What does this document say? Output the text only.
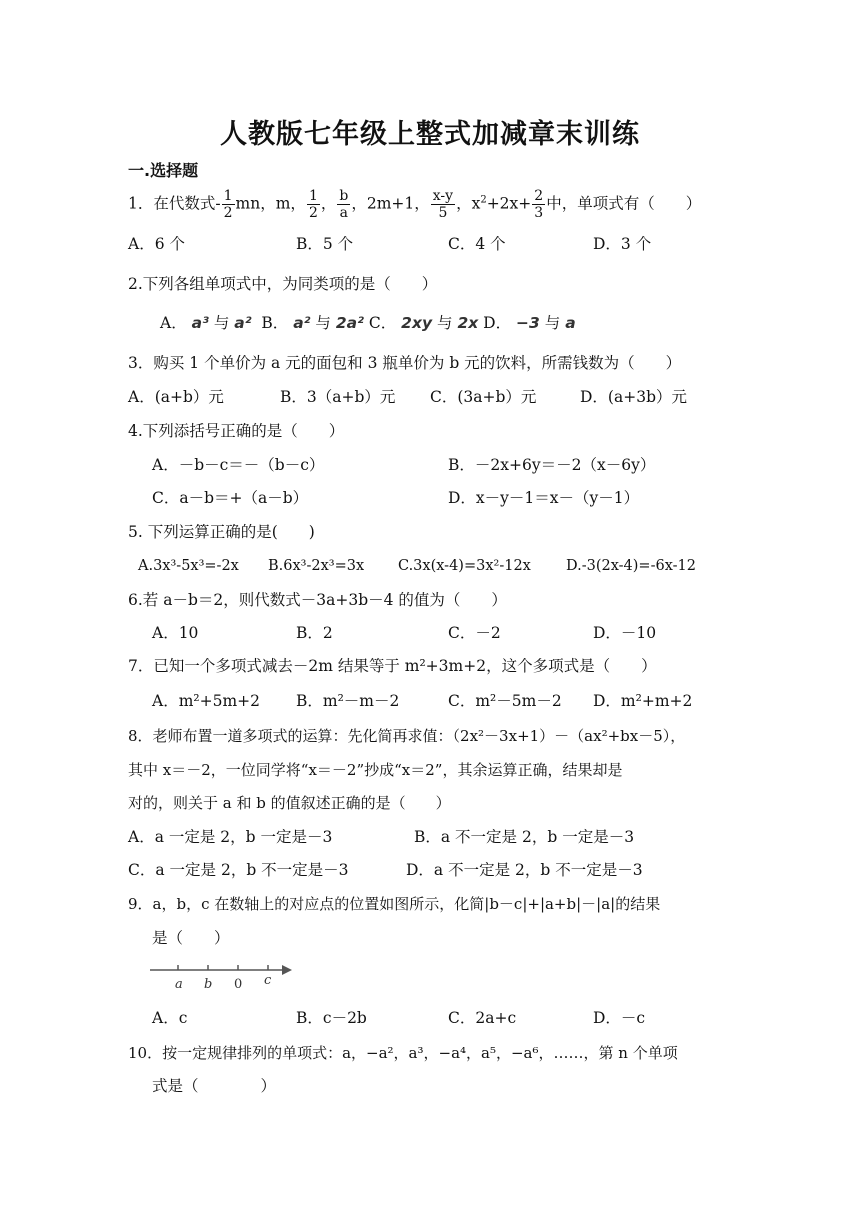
人教版七年级上整式加减章末训练
一.选择题
1．在代数式- $\frac{1}{2}$ mn，m， $\frac{1}{2}$ ， $\frac{b}{a}$ ，2m+1， $\frac{x-y}{5}$ ，$x^2+2x+ \frac{2}{3}$ 中，单项式有（　　）
A．6 个	B．5 个	C．4 个	D．3 个
2.下列各组单项式中，为同类项的是（　　）
A． a³ 与 a² B． a² 与 2a² C． 2xy 与 2x D． −3 与 a
3．购买 1 个单价为 a 元的面包和 3 瓶单价为 b 元的饮料，所需钱数为（　　）
A．(a+b）元	B．3（a+b）元 C．(3a+b）元	D．(a+3b）元
4.下列添括号正确的是（　　）
A．－b－c＝－（b－c）	B．－2x+6y＝－2（x－6y）
C．a－b＝+（a－b）	D．x－y－1＝x－（y－1）
5. 下列运算正确的是(　　)
A.3x³-5x³=-2x B.6x³-2x³=3x C.3x(x-4)=3x²-12x D.-3(2x-4)=-6x-12
6.若 a－b＝2，则代数式－3a+3b－4 的值为（　　）
A．10	B．2	C．－2	D．－10
7．已知一个多项式减去－2m 结果等于 m²+3m+2，这个多项式是（　　）
A．m²+5m+2 B．m²－m－2	C．m²－5m－2 D．m²+m+2
8．老师布置一道多项式的运算：先化简再求值：（2x²－3x+1）－（ax²+bx－5），
其中 x＝－2，一位同学将“x＝－2”抄成“x＝2”，其余运算正确，结果却是
对的，则关于 a 和 b 的值叙述正确的是（　　）
A．a 一定是 2，b 一定是－3	B．a 不一定是 2，b 一定是－3
C．a 一定是 2，b 不一定是－3	D．a 不一定是 2，b 不一定是－3
9．a，b，c 在数轴上的对应点的位置如图所示，化简|b－c|+|a+b|－|a|的结果
是（　　）
a b 0 c
A．c	B．c－2b	C．2a+c	D．－c
10．按一定规律排列的单项式：a，−a²，a³，−a⁴，a⁵，−a⁶，……，第 n 个单项
式是（　　　　）
